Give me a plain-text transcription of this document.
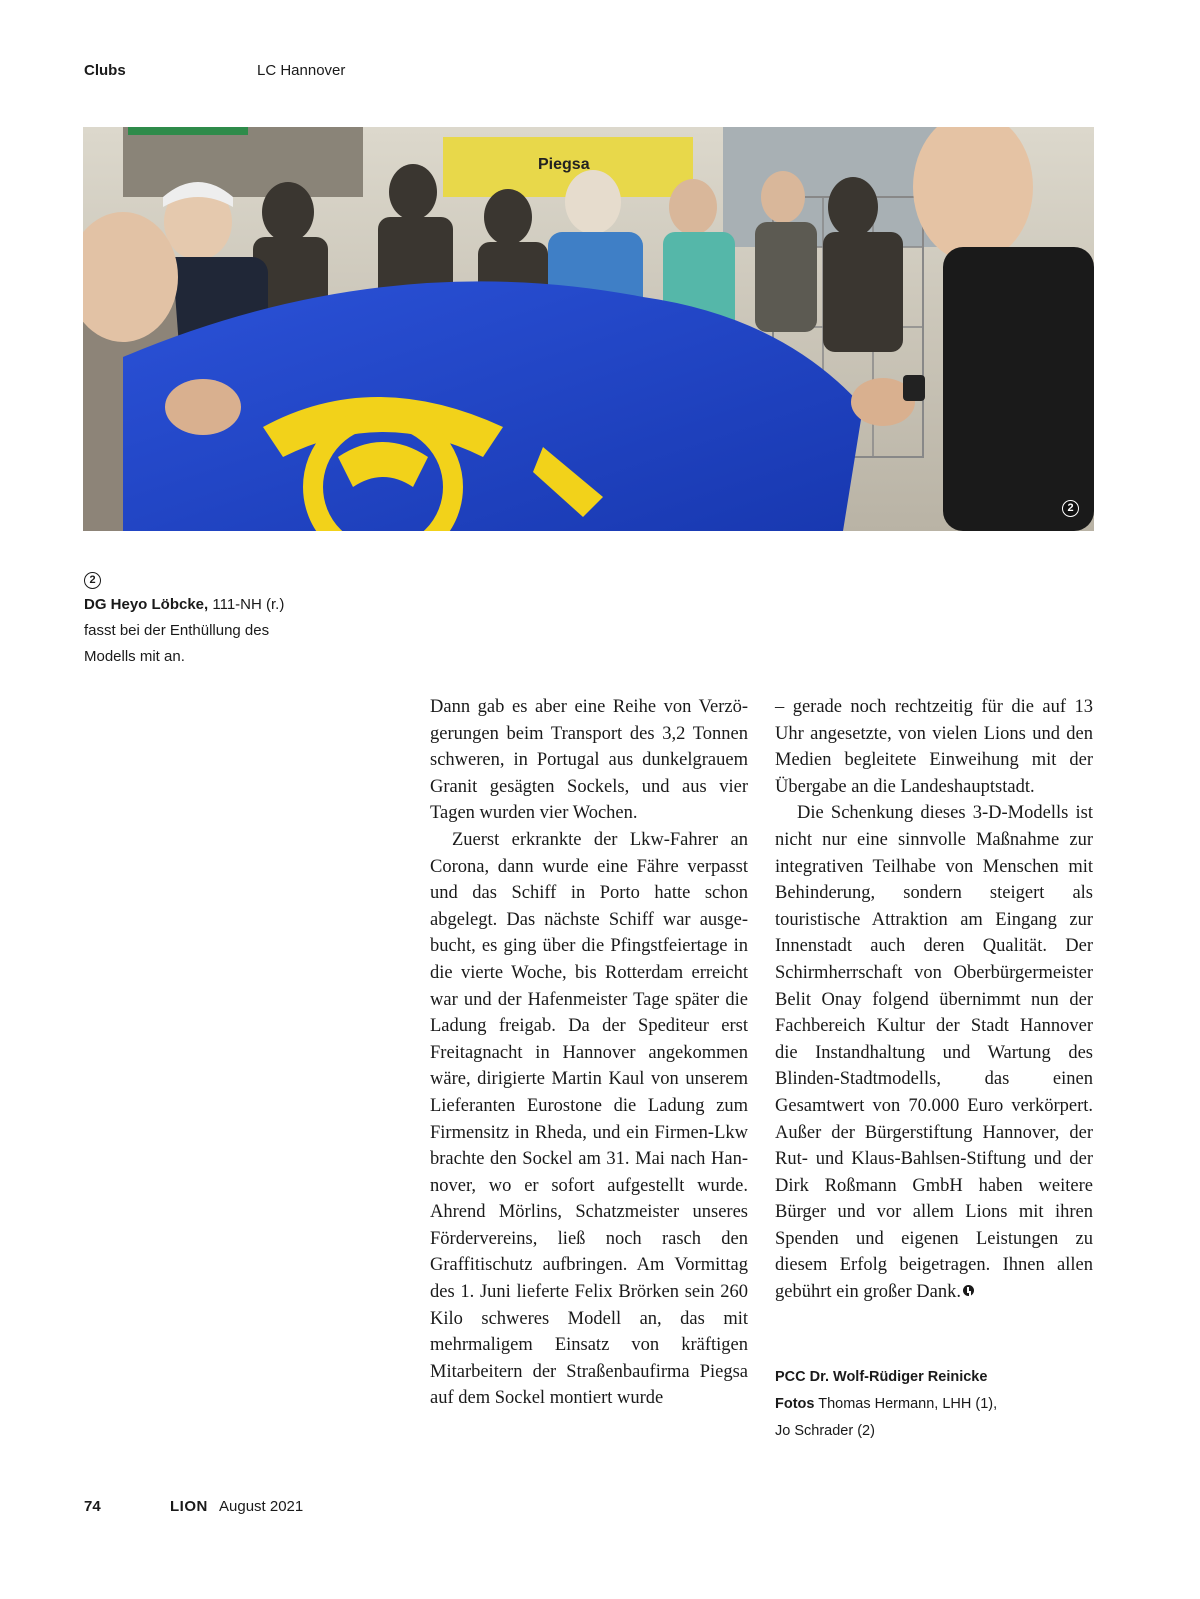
Clubs	LC Hannover
Piegsa
2
2
DG Heyo Löbcke, 111-NH (r.)
fasst bei der Enthüllung des
Modells mit an.

Dann gab es aber eine Reihe von Verzögerungen beim Transport des 3,2 Tonnen schweren, in Portugal aus dunkelgrauem Granit gesägten Sockels, und aus vier Tagen wurden vier Wochen.

Zuerst erkrankte der Lkw-Fahrer an Corona, dann wurde eine Fähre verpasst und das Schiff in Porto hatte schon abgelegt. Das nächste Schiff war ausgebucht, es ging über die Pfingstfeiertage in die vierte Woche, bis Rotterdam erreicht war und der Hafenmeister Tage später die Ladung freigab. Da der Spediteur erst Freitagnacht in Hannover angekommen wäre, dirigierte Martin Kaul von unserem Lieferanten Eurostone die Ladung zum Firmensitz in Rheda, und ein Firmen-Lkw brachte den Sockel am 31. Mai nach Hannover, wo er sofort aufgestellt wurde. Ahrend Mörlins, Schatzmeister unseres Fördervereins, ließ noch rasch den Graffitischutz aufbringen. Am Vormittag des 1. Juni lieferte Felix Brörken sein 260 Kilo schweres Modell an, das mit mehrmaligem Einsatz von kräftigen Mitarbeitern der Straßenbaufirma Piegsa auf dem Sockel montiert wurde

– gerade noch rechtzeitig für die auf 13 Uhr angesetzte, von vielen Lions und den Medien begleitete Einweihung mit der Übergabe an die Landeshauptstadt.

Die Schenkung dieses 3-D-Modells ist nicht nur eine sinnvolle Maßnahme zur integrativen Teilhabe von Menschen mit Behinderung, sondern steigert als touristische Attraktion am Eingang zur Innenstadt auch deren Qualität. Der Schirmherrschaft von Oberbürgermeister Belit Onay folgend übernimmt nun der Fachbereich Kultur der Stadt Hannover die Instandhaltung und Wartung des Blinden-Stadtmodells, das einen Gesamtwert von 70.000 Euro verkörpert. Außer der Bürgerstiftung Hannover, der Rut- und Klaus-Bahlsen-Stiftung und der Dirk Roßmann GmbH haben weitere Bürger und vor allem Lions mit ihren Spenden und eigenen Leistungen zu diesem Erfolg beigetragen. Ihnen allen gebührt ein großer Dank.

PCC Dr. Wolf-Rüdiger Reinicke
Fotos Thomas Hermann, LHH (1),
Jo Schrader (2)
74	LION August 2021
